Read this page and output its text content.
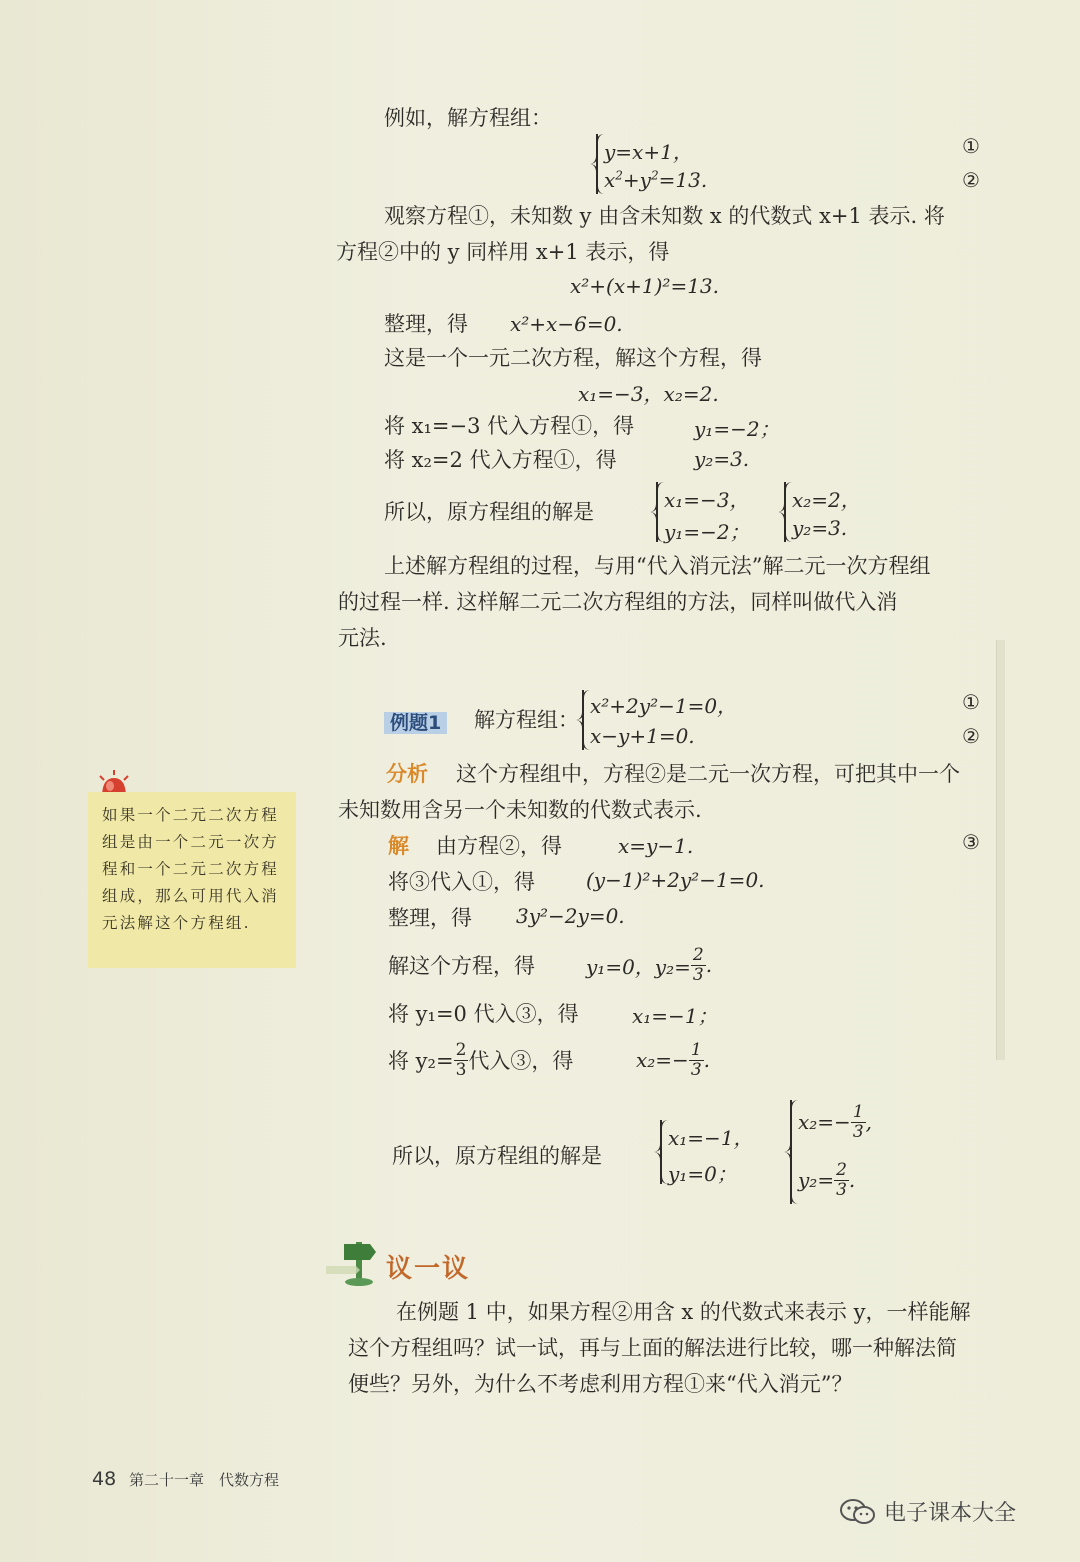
例如，解方程组：
y=x+1，
$x^2+y^2=13$.
①
②
观察方程①，未知数 y 由含未知数 x 的代数式 x+1 表示. 将
方程②中的 y 同样用 x+1 表示，得
x²+(x+1)²=13.
整理，得 x²+x−6=0.
这是一个一元二次方程，解这个方程，得
x₁=−3，x₂=2.
将 x₁=−3 代入方程①，得	y₁=−2；
将 x₂=2 代入方程①，得	y₂=3.
所以，原方程组的解是	x₁=−3，
y₁=−2；
x₂=2，
y₂=3.
上述解方程组的过程，与用“代入消元法”解二元一次方程组
的过程一样. 这样解二元二次方程组的方法，同样叫做代入消
元法.
例题1 解方程组：
x²+2y²−1=0，
x−y+1=0.
①
②
分析 这个方程组中，方程②是二元一次方程，可把其中一个
未知数用含另一个未知数的代数式表示.
解 由方程②，得	x=y−1.	③
将③代入①，得	(y−1)²+2y²−1=0.
整理，得 3y²−2y=0.
解这个方程，得	y₁=0，$y_2= \frac{2}{3}$ .
将 y₁=0 代入③，得	x₁=−1；
将 $y_2= \frac{2}{3}$ 代入③，得	$x_2=- \frac{1}{3}$ .
所以，原方程组的解是
x₁=−1，
y₁=0；
$x_2=- \frac{1}{3}$ ,
$y_2= \frac{2}{3}$ .
如果一个二元二次方程组是由一个二元一次方程和一个二元二次方程组成，那么可用代入消元法解这个方程组.
议一议
在例题 1 中，如果方程②用含 x 的代数式来表示 y，一样能解
这个方程组吗？试一试，再与上面的解法进行比较，哪一种解法简
便些？另外，为什么不考虑利用方程①来“代入消元”？
48 第二十一章　代数方程
电子课本大全
